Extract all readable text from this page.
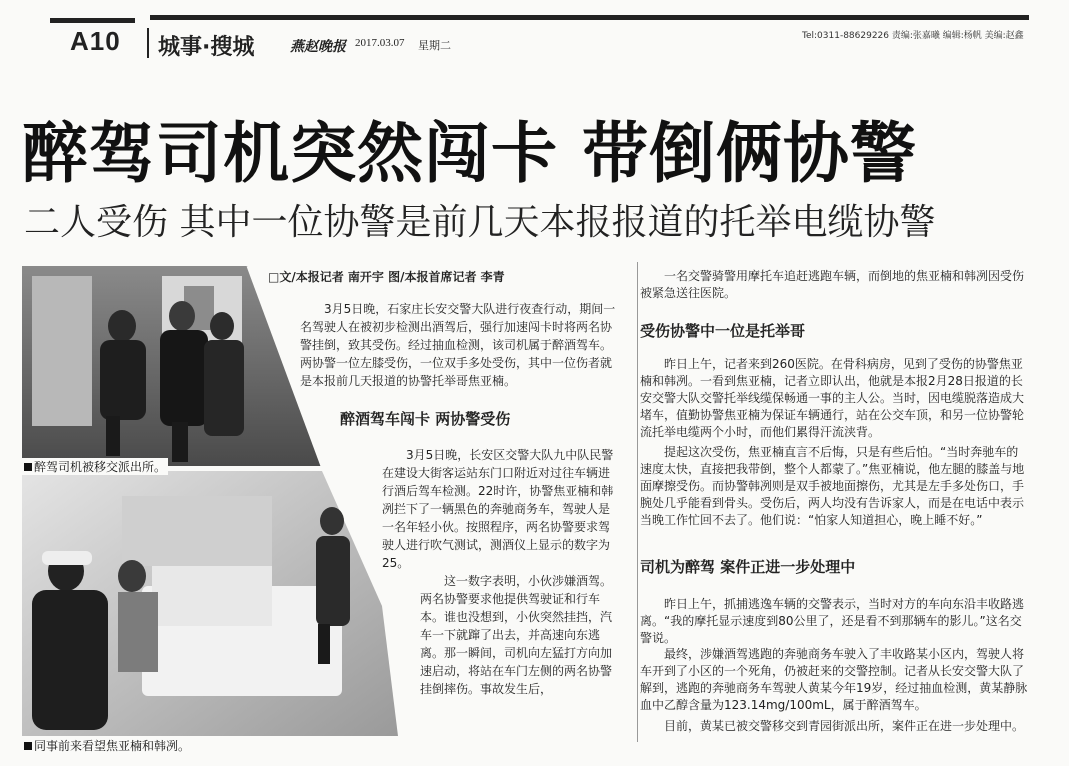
A10 城事·搜城	燕赵晚报 2017.03.07 星期二
Tel:0311-88629226 责编:张嘉曦 编辑:杨帆 美编:赵鑫
醉驾司机突然闯卡 带倒俩协警
二人受伤 其中一位协警是前几天本报报道的托举电缆协警
醉驾司机被移交派出所。
同事前来看望焦亚楠和韩冽。
□文/本报记者 南开宇 图/本报首席记者 李青

3月5日晚，石家庄长安交警大队进行夜查行动，期间一名驾驶人在被初步检测出酒驾后，强行加速闯卡时将两名协警挂倒，致其受伤。经过抽血检测，该司机属于醉酒驾车。两协警一位左膝受伤，一位双手多处受伤，其中一位伤者就是本报前几天报道的协警托举哥焦亚楠。

醉酒驾车闯卡 两协警受伤

3月5日晚，长安区交警大队九中队民警在建设大街客运站东门口附近对过往车辆进行酒后驾车检测。22时许，协警焦亚楠和韩冽拦下了一辆黑色的奔驰商务车，驾驶人是一名年轻小伙。按照程序，两名协警要求驾驶人进行吹气测试，测酒仪上显示的数字为25。

这一数字表明，小伙涉嫌酒驾。两名协警要求他提供驾驶证和行车本。谁也没想到，小伙突然挂挡，汽车一下就蹿了出去，并高速向东逃离。那一瞬间，司机向左猛打方向加速启动，将站在车门左侧的两名协警挂倒摔伤。事故发生后，

一名交警骑警用摩托车追赶逃跑车辆，而倒地的焦亚楠和韩冽因受伤被紧急送往医院。

受伤协警中一位是托举哥

昨日上午，记者来到260医院。在骨科病房，见到了受伤的协警焦亚楠和韩冽。一看到焦亚楠，记者立即认出，他就是本报2月28日报道的长安交警大队交警托举线缆保畅通一事的主人公。当时，因电缆脱落造成大堵车，值勤协警焦亚楠为保证车辆通行，站在公交车顶，和另一位协警轮流托举电缆两个小时，而他们累得汗流浃背。

提起这次受伤，焦亚楠直言不后悔，只是有些后怕。“当时奔驰车的速度太快，直接把我带倒，整个人都蒙了。”焦亚楠说，他左腿的膝盖与地面摩擦受伤。而协警韩冽则是双手被地面擦伤，尤其是左手多处伤口，手腕处几乎能看到骨头。受伤后，两人均没有告诉家人，而是在电话中表示当晚工作忙回不去了。他们说：“怕家人知道担心，晚上睡不好。”

司机为醉驾 案件正进一步处理中

昨日上午，抓捕逃逸车辆的交警表示，当时对方的车向东沿丰收路逃离。“我的摩托显示速度到80公里了，还是看不到那辆车的影儿。”这名交警说。

最终，涉嫌酒驾逃跑的奔驰商务车驶入了丰收路某小区内，驾驶人将车开到了小区的一个死角，仍被赶来的交警控制。记者从长安交警大队了解到，逃跑的奔驰商务车驾驶人黄某今年19岁，经过抽血检测，黄某静脉血中乙醇含量为123.14mg/100mL，属于醉酒驾车。

目前，黄某已被交警移交到青园街派出所，案件正在进一步处理中。
